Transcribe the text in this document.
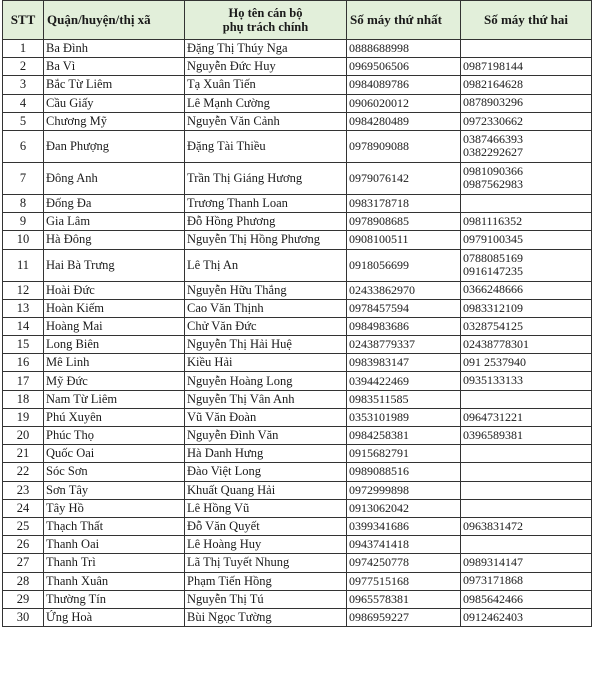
STT	Quận/huyện/thị xã	Họ tên cán bộ
phụ trách chính	Số máy thứ nhất	Số máy thứ hai
1	Ba Đình	Đặng Thị Thúy Nga	0888688998	
2	Ba Vì	Nguyễn Đức Huy	0969506506	0987198144

3	Bắc Từ Liêm	Tạ Xuân Tiến	0984089786	0982164628

4	Cầu Giấy	Lê Mạnh Cường	0906020012	0878903296

5	Chương Mỹ	Nguyễn Văn Cảnh	0984280489	0972330662

6	Đan Phượng	Đặng Tài Thiều	0978909088	0387466393
0382292627

7	Đông Anh	Trần Thị Giáng Hương	0979076142	0981090366
0987562983

8	Đống Đa	Trương Thanh Loan	0983178718	
9	Gia Lâm	Đỗ Hồng Phương	0978908685	0981116352

10	Hà Đông	Nguyễn Thị Hồng Phương	0908100511	0979100345

11	Hai Bà Trưng	Lê Thị An	0918056699	0788085169
0916147235

12	Hoài Đức	Nguyễn Hữu Thắng	02433862970	0366248666

13	Hoàn Kiếm	Cao Văn Thịnh	0978457594	0983312109

14	Hoàng Mai	Chử Văn Đức	0984983686	0328754125

15	Long Biên	Nguyễn Thị Hải Huệ	02438779337	02438778301

16	Mê Linh	Kiều Hải	0983983147	091 2537940

17	Mỹ Đức	Nguyễn Hoàng Long	0394422469	0935133133

18	Nam Từ Liêm	Nguyễn Thị Vân Anh	0983511585	
19	Phú Xuyên	Vũ Văn Đoàn	0353101989	0964731221

20	Phúc Thọ	Nguyễn Đình Văn	0984258381	0396589381

21	Quốc Oai	Hà Danh Hưng	0915682791	
22	Sóc Sơn	Đào Việt Long	0989088516	
23	Sơn Tây	Khuất Quang Hải	0972999898	
24	Tây Hồ	Lê Hồng Vũ	0913062042	
25	Thạch Thất	Đỗ Văn Quyết	0399341686	0963831472

26	Thanh Oai	Lê Hoàng Huy	0943741418	
27	Thanh Trì	Lã Thị Tuyết Nhung	0974250778	0989314147

28	Thanh Xuân	Phạm Tiến Hồng	0977515168	0973171868

29	Thường Tín	Nguyễn Thị Tú	0965578381	0985642466

30	Ứng Hoà	Bùi Ngọc Tường	0986959227	0912462403
